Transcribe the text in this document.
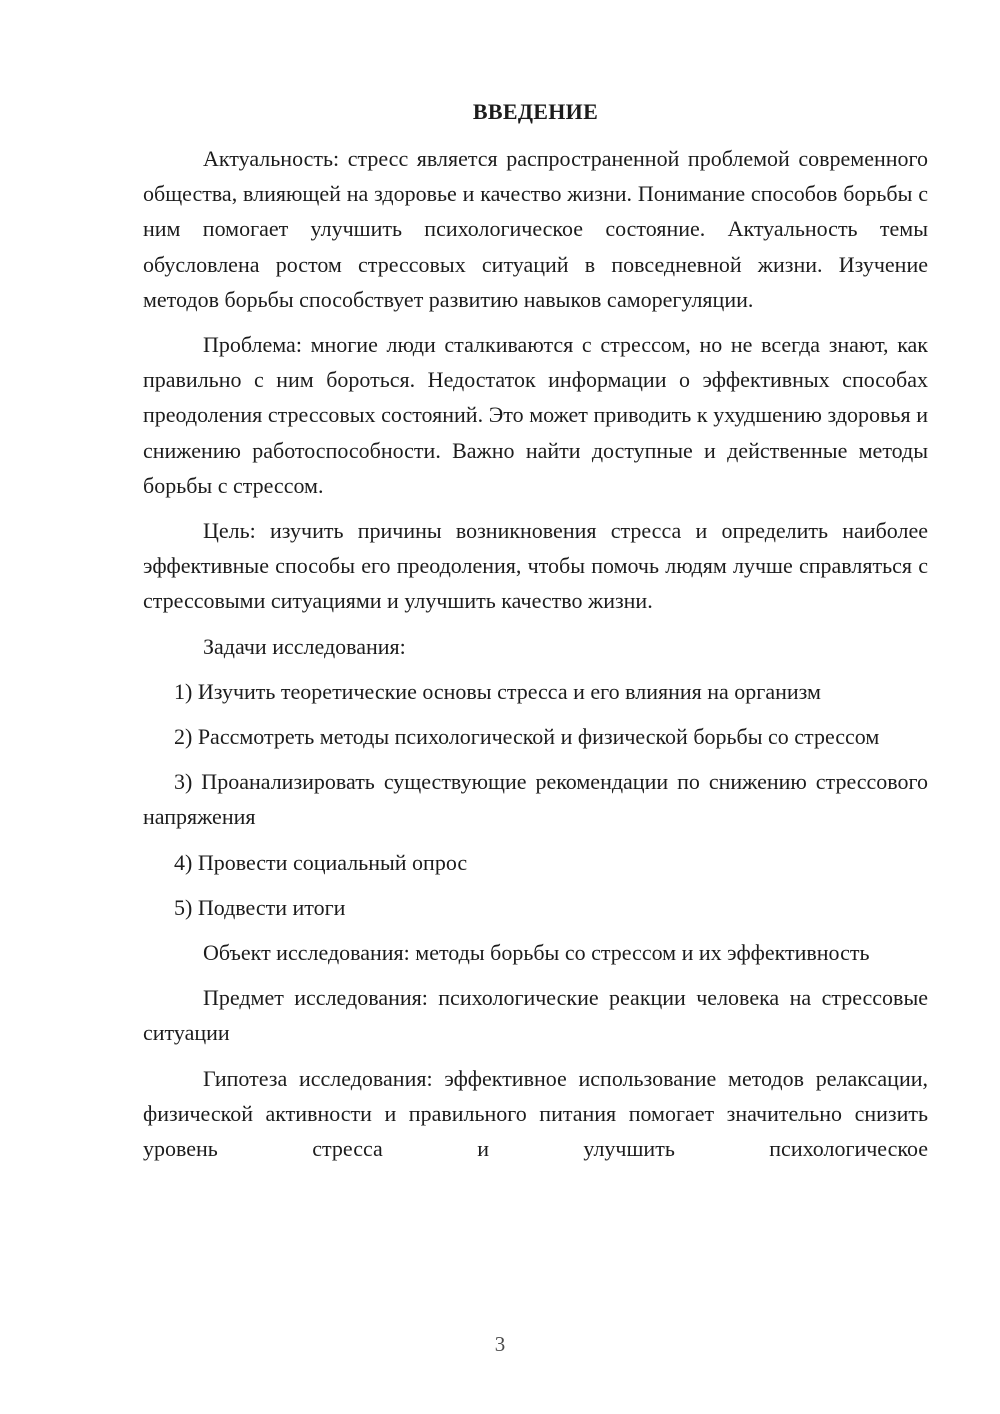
ВВЕДЕНИЕ

Актуальность: стресс является распространенной проблемой современного общества, влияющей на здоровье и качество жизни. Понимание способов борьбы с ним помогает улучшить психологическое состояние. Актуальность темы обусловлена ростом стрессовых ситуаций в повседневной жизни. Изучение методов борьбы способствует развитию навыков саморегуляции.

Проблема: многие люди сталкиваются с стрессом, но не всегда знают, как правильно с ним бороться. Недостаток информации о эффективных способах преодоления стрессовых состояний. Это может приводить к ухудшению здоровья и снижению работоспособности. Важно найти доступные и действенные методы борьбы с стрессом.

Цель: изучить причины возникновения стресса и определить наиболее эффективные способы его преодоления, чтобы помочь людям лучше справляться с стрессовыми ситуациями и улучшить качество жизни.

Задачи исследования:

1) Изучить теоретические основы стресса и его влияния на организм

2) Рассмотреть методы психологической и физической борьбы со стрессом

3) Проанализировать существующие рекомендации по снижению стрессового напряжения

4) Провести социальный опрос

5) Подвести итоги

Объект исследования: методы борьбы со стрессом и их эффективность

Предмет исследования: психологические реакции человека на стрессовые ситуации

Гипотеза исследования: эффективное использование методов релаксации, физической активности и правильного питания помогает значительно снизить уровень стресса и улучшить психологическое

3
